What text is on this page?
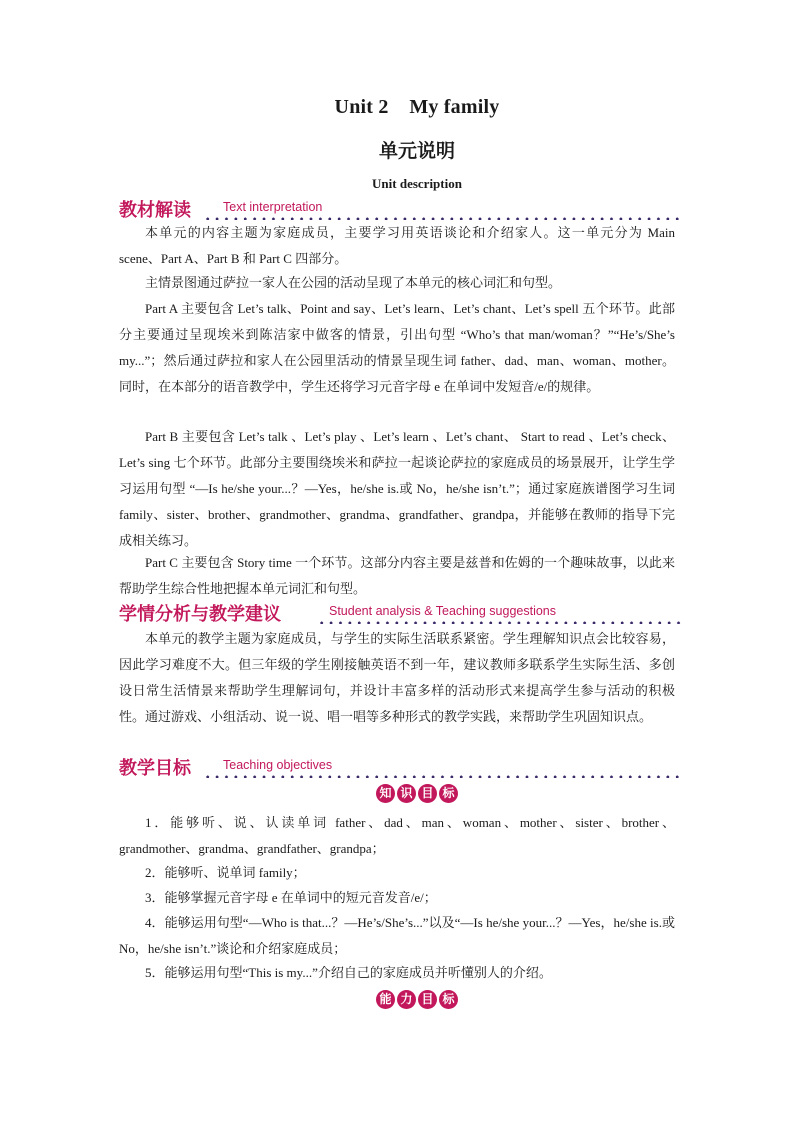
Unit 2    My family
单元说明
Unit description
教材解读	Text interpretation
本单元的内容主题为家庭成员，主要学习用英语谈论和介绍家人。这一单元分为 Main scene、Part A、Part B 和 Part C 四部分。
主情景图通过萨拉一家人在公园的活动呈现了本单元的核心词汇和句型。
Part A 主要包含 Let’s talk、Point and say、Let’s learn、Let’s chant、Let’s spell 五个环节。此部分主要通过呈现埃米到陈洁家中做客的情景，引出句型 “Who’s that man/woman？”“He’s/She’s my...”；然后通过萨拉和家人在公园里活动的情景呈现生词 father、dad、man、woman、mother。同时，在本部分的语音教学中，学生还将学习元音字母 e 在单词中发短音/e/的规律。
Part B 主要包含 Let’s talk 、Let’s play 、Let’s learn 、Let’s chant、 Start to read 、Let’s check、Let’s sing 七个环节。此部分主要围绕埃米和萨拉一起谈论萨拉的家庭成员的场景展开，让学生学习运用句型 “—Is he/she your...？—Yes，he/she is.或 No，he/she isn’t.”；通过家庭族谱图学习生词 family、sister、brother、grandmother、grandma、grandfather、grandpa，并能够在教师的指导下完成相关练习。
Part C 主要包含 Story time 一个环节。这部分内容主要是兹普和佐姆的一个趣味故事，以此来帮助学生综合性地把握本单元词汇和句型。
学情分析与教学建议	Student analysis & Teaching suggestions
本单元的教学主题为家庭成员，与学生的实际生活联系紧密。学生理解知识点会比较容易，因此学习难度不大。但三年级的学生刚接触英语不到一年，建议教师多联系学生实际生活、多创设日常生活情景来帮助学生理解词句，并设计丰富多样的活动形式来提高学生参与活动的积极性。通过游戏、小组活动、说一说、唱一唱等多种形式的教学实践，来帮助学生巩固知识点。
教学目标	Teaching objectives
知 识 目 标
1．能够听、说、认读单词 father、dad、man、woman、mother、sister、brother、grandmother、grandma、grandfather、grandpa；
2．能够听、说单词 family；
3．能够掌握元音字母 e 在单词中的短元音发音/e/；
4．能够运用句型“—Who is that...？—He’s/She’s...”以及“—Is he/she your...？—Yes，he/she is.或 No，he/she isn’t.”谈论和介绍家庭成员；
5．能够运用句型“This is my...”介绍自己的家庭成员并听懂别人的介绍。
能 力 目 标
